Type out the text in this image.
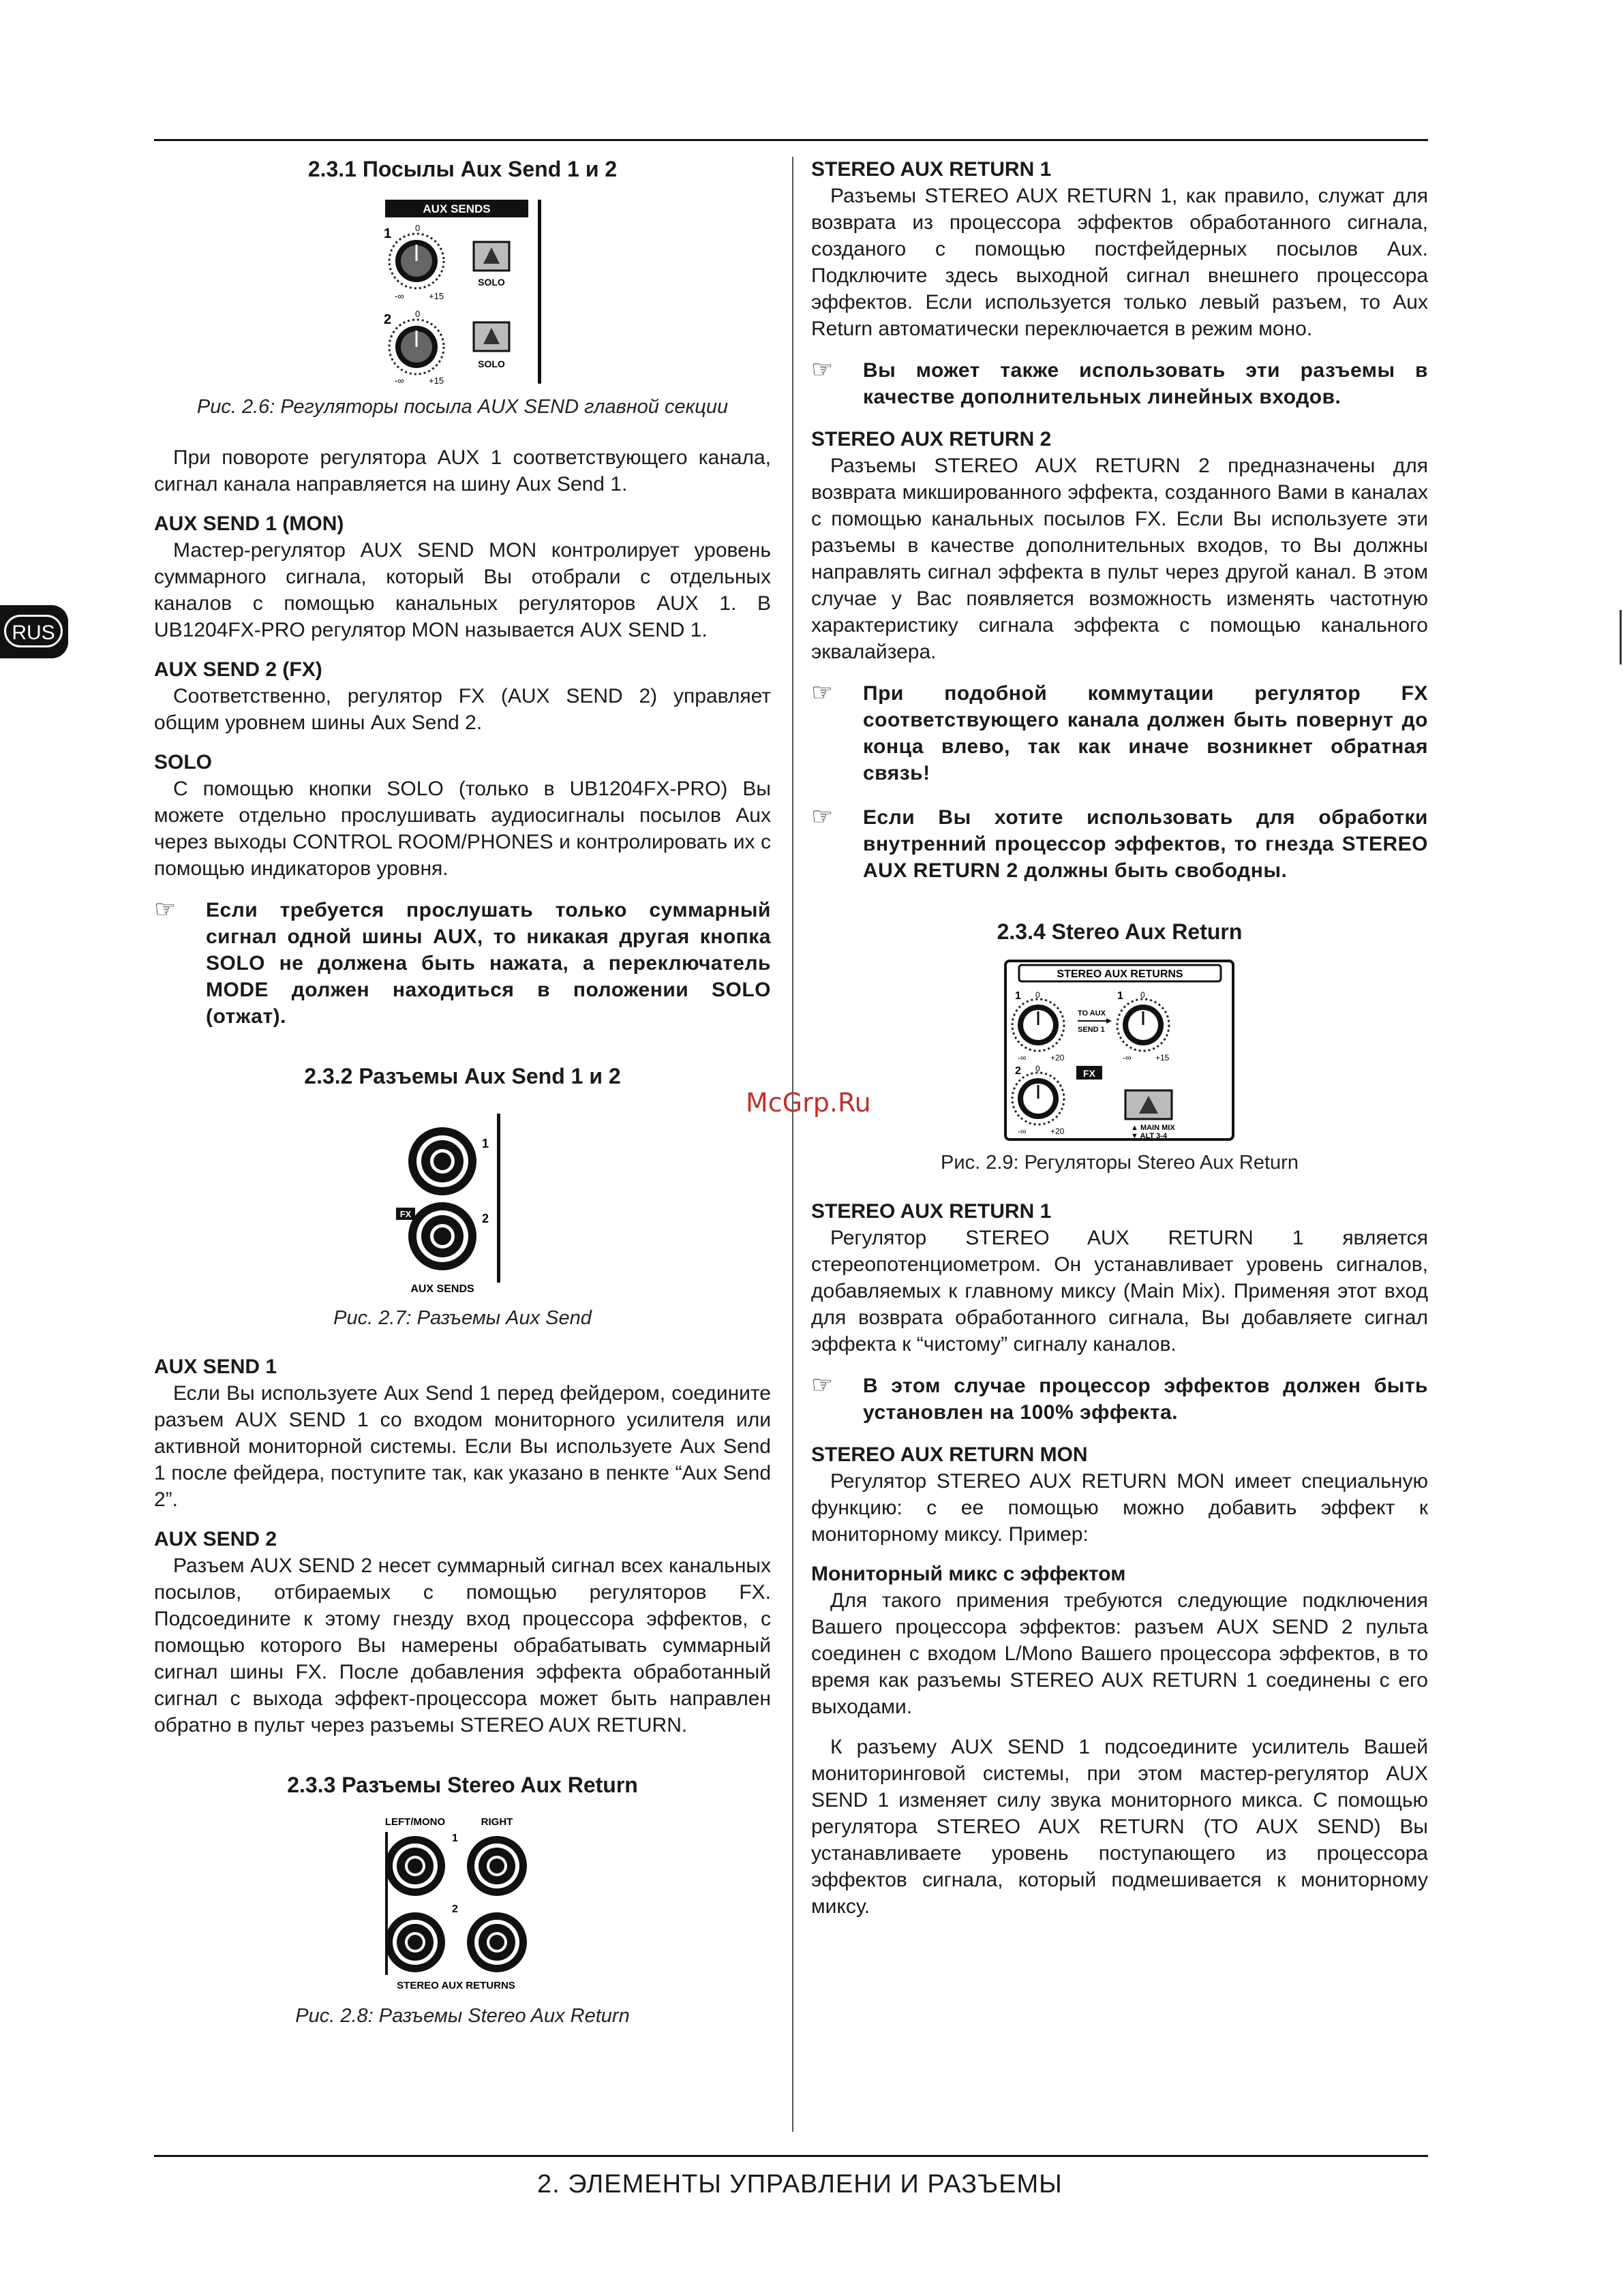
RUS
McGrp.Ru
2.3.1 Посылы Aux Send 1 и 2
AUX SENDS
1	0
-∞	+15
SOLO
2	0
-∞	+15
SOLO
Рис. 2.6: Регуляторы посыла AUX SEND главной секции

При повороте регулятора AUX 1 соответствующего канала, сигнал канала направляется на шину Aux Send 1.

AUX SEND 1 (MON)

Мастер-регулятор AUX SEND MON контролирует уровень суммарного сигнала, который Вы отобрали с отдельных каналов с помощью канальных регуляторов AUX 1. В UB1204FX-PRO регулятор MON называется AUX SEND 1.

AUX SEND 2 (FX)

Соответственно, регулятор FX (AUX SEND 2) управляет общим уровнем шины Aux Send 2.

SOLO

С помощью кнопки SOLO (только в UB1204FX-PRO) Вы можете отдельно прослушивать аудиосигналы посылов Aux через выходы CONTROL ROOM/PHONES и контролировать их с помощью индикаторов уровня.

☞	Если требуется прослушать только суммарный сигнал одной шины AUX, то никакая другая кнопка SOLO не должена быть нажата, а переключатель MODE должен находиться в положении SOLO (отжат).
2.3.2 Разъемы Aux Send 1 и 2
1
FX	2
AUX SENDS
Рис. 2.7: Разъемы Aux Send
AUX SEND 1

Если Вы используете Aux Send 1 перед фейдером, соедините разъем AUX SEND 1 со входом мониторного усилителя или активной мониторной системы. Если Вы используете Aux Send 1 после фейдера, поступите так, как указано в пенкте “Aux Send 2”.

AUX SEND 2

Разъем AUX SEND 2 несет суммарный сигнал всех канальных посылов, отбираемых с помощью регуляторов FX. Подсоедините к этому гнезду вход процессора эффектов, с помощью которого Вы намерены обрабатывать суммарный сигнал шины FX. После добавления эффекта обработанный сигнал с выхода эффект-процессора может быть направлен обратно в пульт через разъемы STEREO AUX RETURN.

2.3.3 Разъемы Stereo Aux Return
LEFT/MONO	RIGHT
1
2
STEREO AUX RETURNS
Рис. 2.8: Разъемы Stereo Aux Return
STEREO AUX RETURN 1

Разъемы STEREO AUX RETURN 1, как правило, служат для возврата из процессора эффектов обработанного сигнала, созданого с помощью постфейдерных посылов Aux. Подключите здесь выходной сигнал внешнего процессора эффектов. Если используется только левый разъем, то Aux Return автоматически переключается в режим моно.

☞	Вы может также использовать эти разъемы в качестве дополнительных линейных входов.
STEREO AUX RETURN 2

Разъемы STEREO AUX RETURN 2 предназначены для возврата микшированного эффекта, созданного Вами в каналах с помощью канальных посылов FX. Если Вы используете эти разъемы в качестве дополнительных входов, то Вы должны направлять сигнал эффекта в пульт через другой канал. В этом случае у Вас появляется возможность изменять частотную характеристику сигнала эффекта с помощью канального эквалайзера.

☞	При подобной коммутации регулятор FX соответствующего канала должен быть повернут до конца влево, так как иначе возникнет обратная связь!
☞	Если Вы хотите использовать для обработки внутренний процессор эффектов, то гнезда STEREO AUX RETURN 2 должны быть свободны.
2.3.4 Stereo Aux Return
STEREO AUX RETURNS
1 0
-∞	+20
TO AUX
SEND 1
1 0
-∞	+15
2 0
-∞	+20
FX
▲ MAIN MIX
▼ ALT 3-4
Рис. 2.9: Регуляторы Stereo Aux Return
STEREO AUX RETURN 1

Регулятор STEREO AUX RETURN 1 является стереопотенциометром. Он устанавливает уровень сигналов, добавляемых к главному миксу (Main Mix). Применяя этот вход для возврата обработанного сигнала, Вы добавляете сигнал эффекта к “чистому” сигналу каналов.

☞	В этом случае процессор эффектов должен быть установлен на 100% эффекта.
STEREO AUX RETURN MON

Регулятор STEREO AUX RETURN MON имеет специальную функцию: с ее помощью можно добавить эффект к мониторному миксу. Пример:

Мониторный микс с эффектом

Для такого примения требуются следующие подключения Вашего процессора эффектов: разъем AUX SEND 2 пульта соединен с входом L/Mono Вашего процессора эффектов, в то время как разъемы STEREO AUX RETURN 1 соединены с его выходами.

К разъему AUX SEND 1 подсоедините усилитель Вашей мониторинговой системы, при этом мастер-регулятор AUX SEND 1 изменяет силу звука мониторного микса. С помощью регулятора STEREO AUX RETURN (TO AUX SEND) Вы устанавливаете уровень поступающего из процессора эффектов сигнала, который подмешивается к мониторному миксу.

2. ЭЛЕМЕНТЫ УПРАВЛЕНИ И РАЗЪЕМЫ
